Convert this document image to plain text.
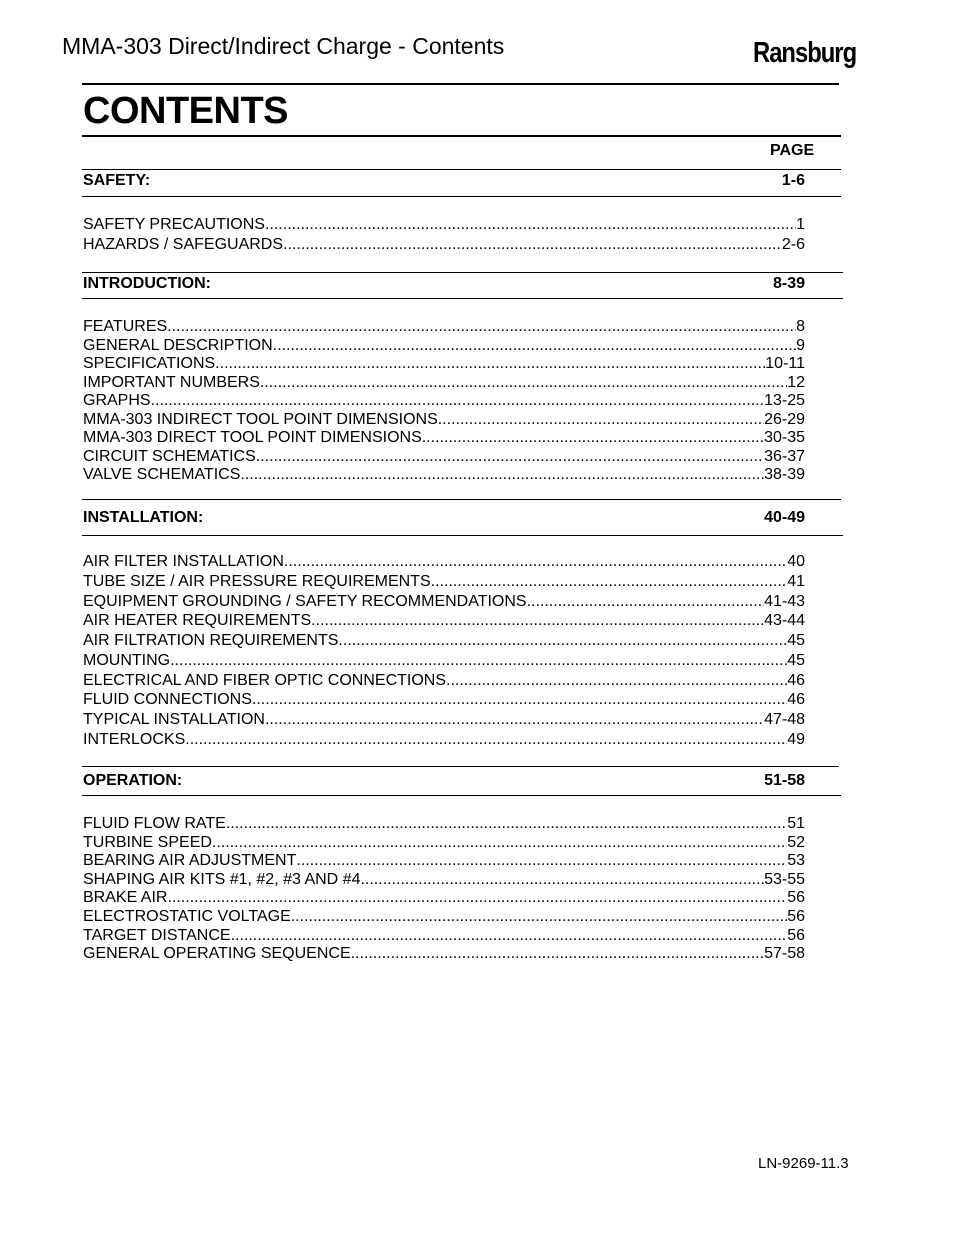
MMA-303 Direct/Indirect Charge - Contents	Ransburg
CONTENTS
PAGE
SAFETY:	1-6
SAFETY PRECAUTIONS .....	1
HAZARDS / SAFEGUARDS .....	2-6
INTRODUCTION:	8-39
FEATURES .....	8
GENERAL DESCRIPTION .....	9
SPECIFICATIONS .....	10-11
IMPORTANT NUMBERS .....	12
GRAPHS .....	13-25
MMA-303 INDIRECT TOOL POINT DIMENSIONS .....	26-29
MMA-303 DIRECT TOOL POINT DIMENSIONS .....	30-35
CIRCUIT SCHEMATICS .....	36-37
VALVE SCHEMATICS .....	38-39
INSTALLATION:	40-49
AIR FILTER INSTALLATION .....	40
TUBE SIZE / AIR PRESSURE REQUIREMENTS .....	41
EQUIPMENT GROUNDING / SAFETY RECOMMENDATIONS .....	41-43
AIR HEATER REQUIREMENTS .....	43-44
AIR FILTRATION REQUIREMENTS .....	45
MOUNTING .....	45
ELECTRICAL AND FIBER OPTIC CONNECTIONS .....	46
FLUID CONNECTIONS .....	46
TYPICAL INSTALLATION .....	47-48
INTERLOCKS .....	49
OPERATION:	51-58
FLUID FLOW RATE .....	51
TURBINE SPEED .....	52
BEARING AIR ADJUSTMENT .....	53
SHAPING AIR KITS #1, #2, #3 AND #4 .....	53-55
BRAKE AIR .....	56
ELECTROSTATIC VOLTAGE .....	56
TARGET DISTANCE .....	56
GENERAL OPERATING SEQUENCE .....	57-58
LN-9269-11.3
